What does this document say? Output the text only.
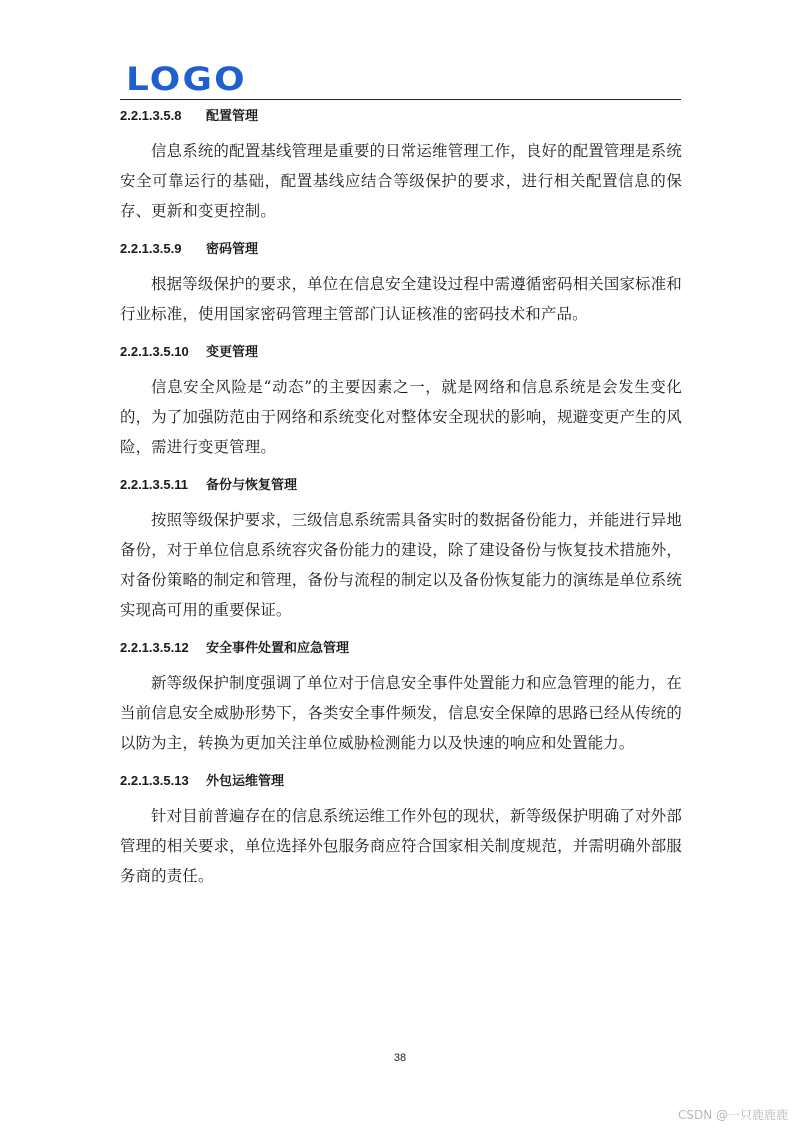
LOGO
2.2.1.3.5.8 配置管理

信息系统的配置基线管理是重要的日常运维管理工作，良好的配置管理是系统安全可靠运行的基础，配置基线应结合等级保护的要求，进行相关配置信息的保存、更新和变更控制。

2.2.1.3.5.9 密码管理

根据等级保护的要求，单位在信息安全建设过程中需遵循密码相关国家标准和行业标准，使用国家密码管理主管部门认证核准的密码技术和产品。

2.2.1.3.5.10 变更管理

信息安全风险是“动态”的主要因素之一，就是网络和信息系统是会发生变化的，为了加强防范由于网络和系统变化对整体安全现状的影响，规避变更产生的风险，需进行变更管理。

2.2.1.3.5.11 备份与恢复管理

按照等级保护要求，三级信息系统需具备实时的数据备份能力，并能进行异地备份，对于单位信息系统容灾备份能力的建设，除了建设备份与恢复技术措施外，对备份策略的制定和管理，备份与流程的制定以及备份恢复能力的演练是单位系统实现高可用的重要保证。

2.2.1.3.5.12 安全事件处置和应急管理

新等级保护制度强调了单位对于信息安全事件处置能力和应急管理的能力，在当前信息安全威胁形势下，各类安全事件频发，信息安全保障的思路已经从传统的以防为主，转换为更加关注单位威胁检测能力以及快速的响应和处置能力。

2.2.1.3.5.13 外包运维管理

针对目前普遍存在的信息系统运维工作外包的现状，新等级保护明确了对外部管理的相关要求，单位选择外包服务商应符合国家相关制度规范，并需明确外部服务商的责任。

38
CSDN @一只鹿鹿鹿
